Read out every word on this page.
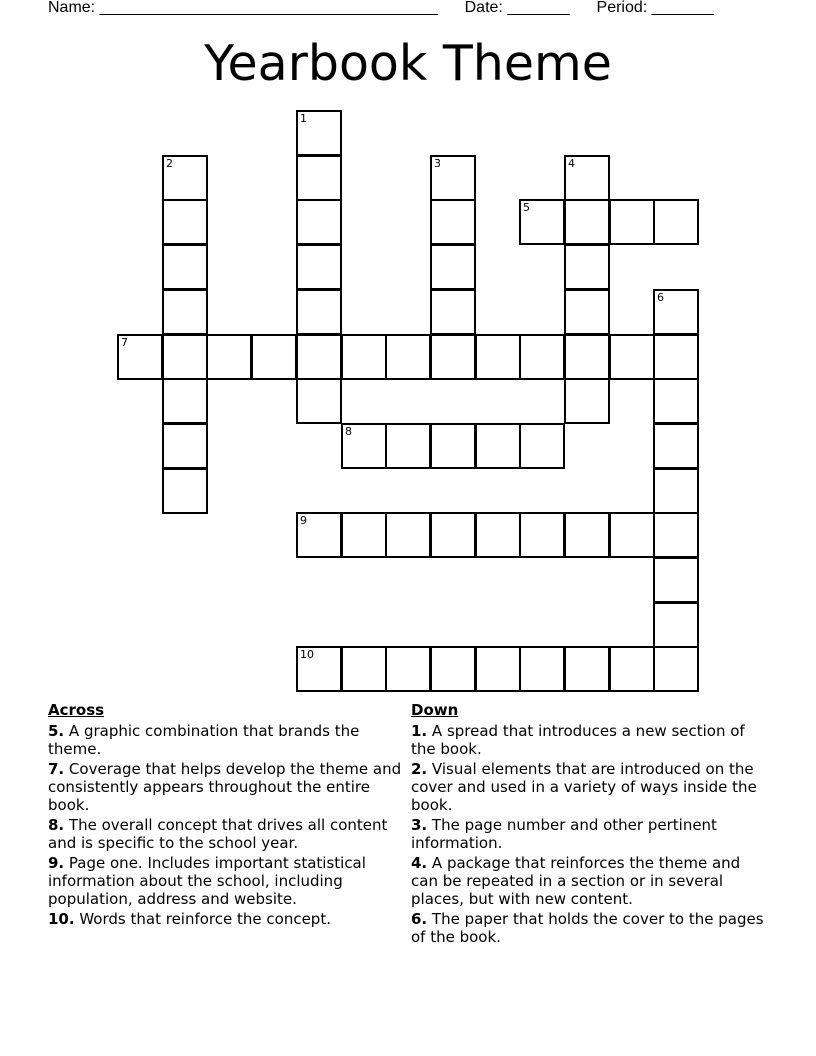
Name: ______________________________________ Date: _______ Period: _______
Yearbook Theme
1
2	3	4
5
6
7
8
9
10
Across
5. A graphic combination that brands the theme.
7. Coverage that helps develop the theme and consistently appears throughout the entire book.
8. The overall concept that drives all content and is specific to the school year.
9. Page one. Includes important statistical information about the school, including population, address and website.
10. Words that reinforce the concept.
Down
1. A spread that introduces a new section of the book.
2. Visual elements that are introduced on the cover and used in a variety of ways inside the book.
3. The page number and other pertinent information.
4. A package that reinforces the theme and can be repeated in a section or in several places, but with new content.
6. The paper that holds the cover to the pages of the book.
